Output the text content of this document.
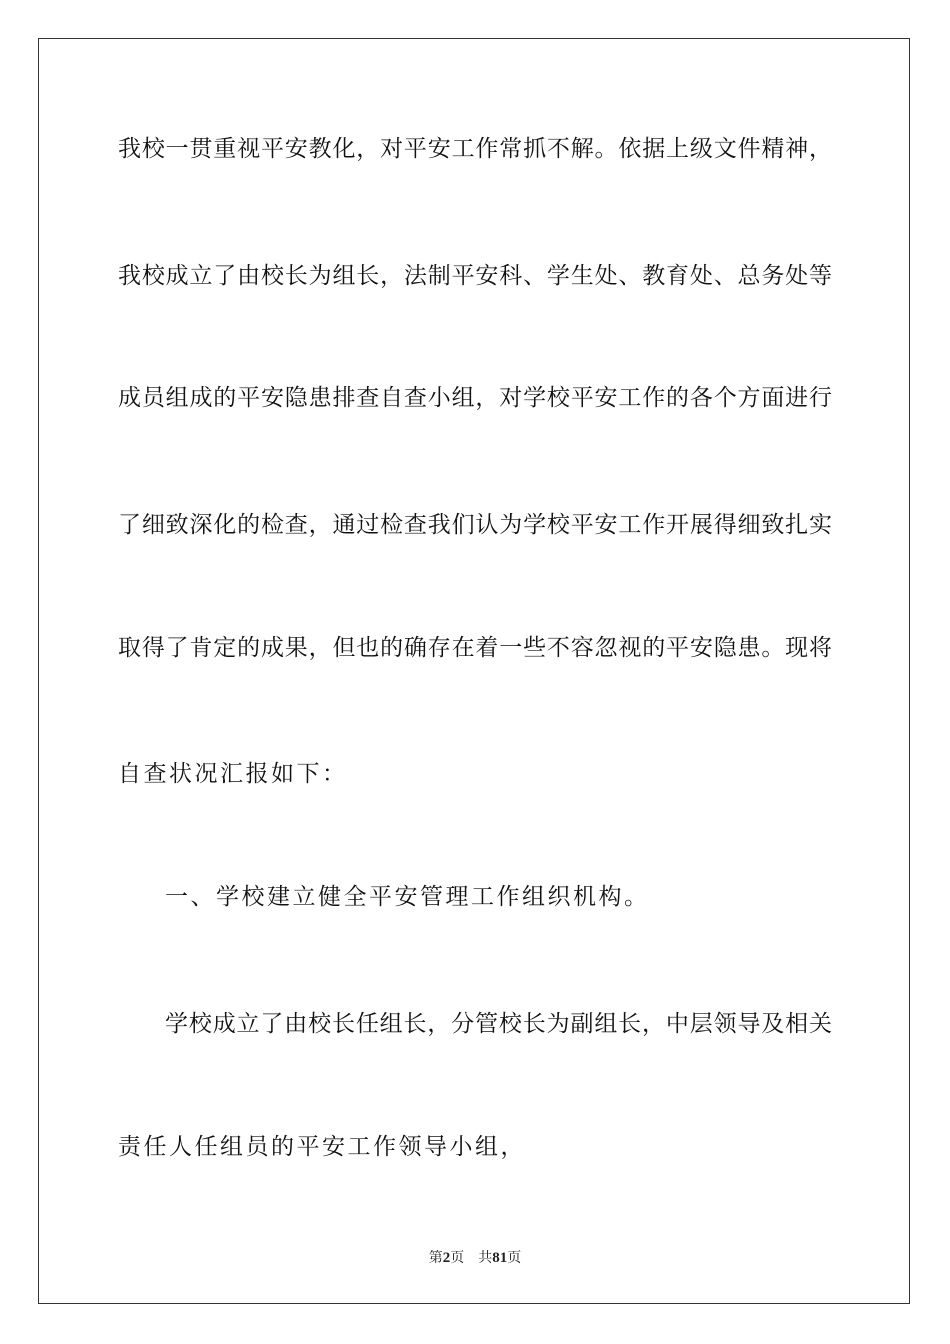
我校一贯重视平安教化，对平安工作常抓不解。依据上级文件精神，
我校成立了由校长为组长，法制平安科、学生处、教育处、总务处等
成员组成的平安隐患排查自查小组，对学校平安工作的各个方面进行
了细致深化的检查，通过检查我们认为学校平安工作开展得细致扎实
取得了肯定的成果，但也的确存在着一些不容忽视的平安隐患。现将
自查状况汇报如下：
一、学校建立健全平安管理工作组织机构。
学校成立了由校长任组长，分管校长为副组长，中层领导及相关
责任人任组员的平安工作领导小组，
第2页 共81页
